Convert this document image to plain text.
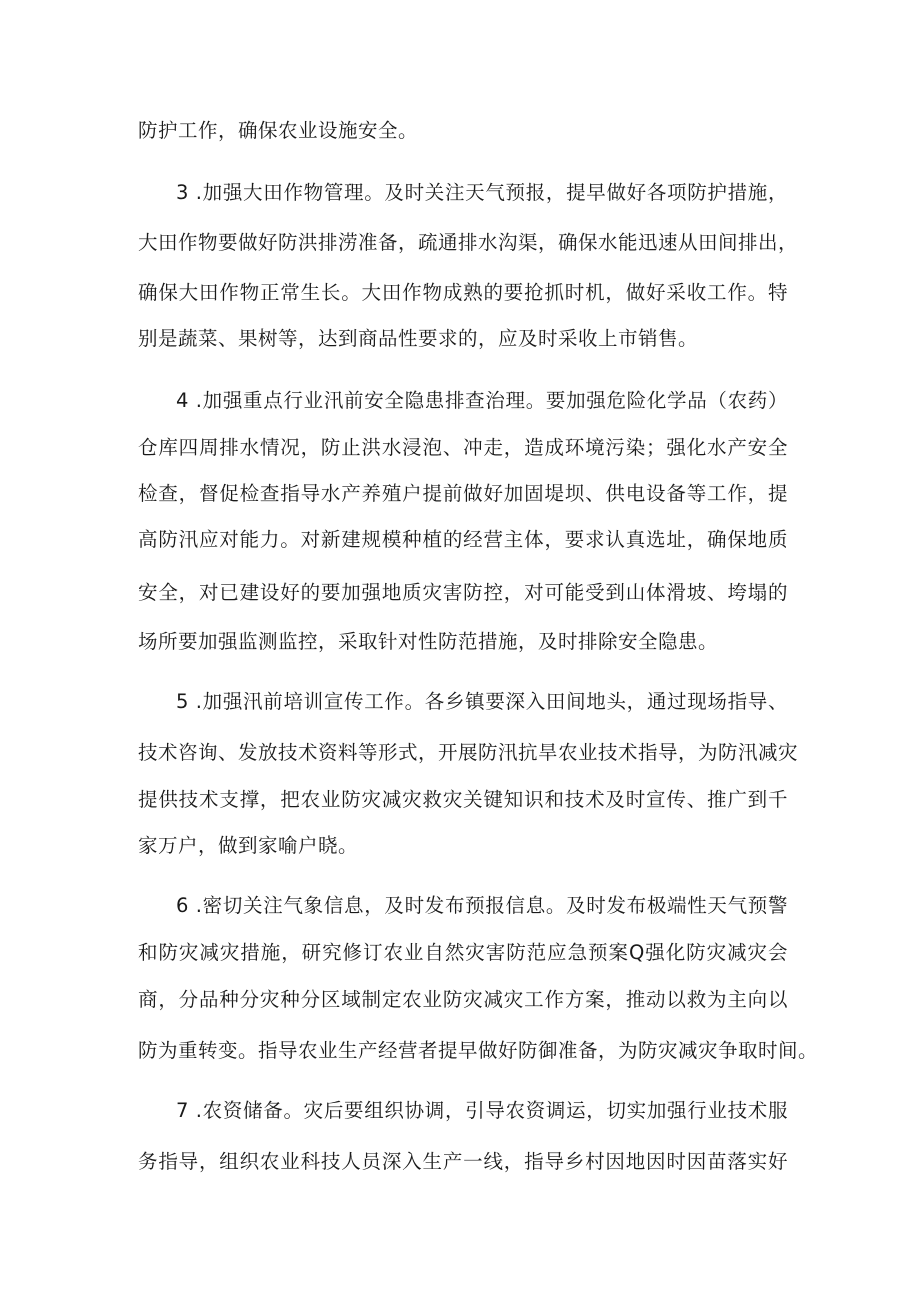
防护工作，确保农业设施安全。
3 .加强大田作物管理。及时关注天气预报，提早做好各项防护措施，
大田作物要做好防洪排涝准备，疏通排水沟渠，确保水能迅速从田间排出，
确保大田作物正常生长。大田作物成熟的要抢抓时机，做好采收工作。特
别是蔬菜、果树等，达到商品性要求的，应及时采收上市销售。
4 .加强重点行业汛前安全隐患排查治理。要加强危险化学品（农药）
仓库四周排水情况，防止洪水浸泡、冲走，造成环境污染；强化水产安全
检查，督促检查指导水产养殖户提前做好加固堤坝、供电设备等工作，提
高防汛应对能力。对新建规模种植的经营主体，要求认真选址，确保地质
安全，对已建设好的要加强地质灾害防控，对可能受到山体滑坡、垮塌的
场所要加强监测监控，采取针对性防范措施，及时排除安全隐患。
5 .加强汛前培训宣传工作。各乡镇要深入田间地头，通过现场指导、
技术咨询、发放技术资料等形式，开展防汛抗旱农业技术指导，为防汛减灾
提供技术支撑，把农业防灾减灾救灾关键知识和技术及时宣传、推广到千
家万户，做到家喻户晓。
6 .密切关注气象信息，及时发布预报信息。及时发布极端性天气预警
和防灾减灾措施，研究修订农业自然灾害防范应急预案Q强化防灾减灾会
商，分品种分灾种分区域制定农业防灾减灾工作方案，推动以救为主向以
防为重转变。指导农业生产经营者提早做好防御准备，为防灾减灾争取时间。
7 .农资储备。灾后要组织协调，引导农资调运，切实加强行业技术服
务指导，组织农业科技人员深入生产一线，指导乡村因地因时因苗落实好
